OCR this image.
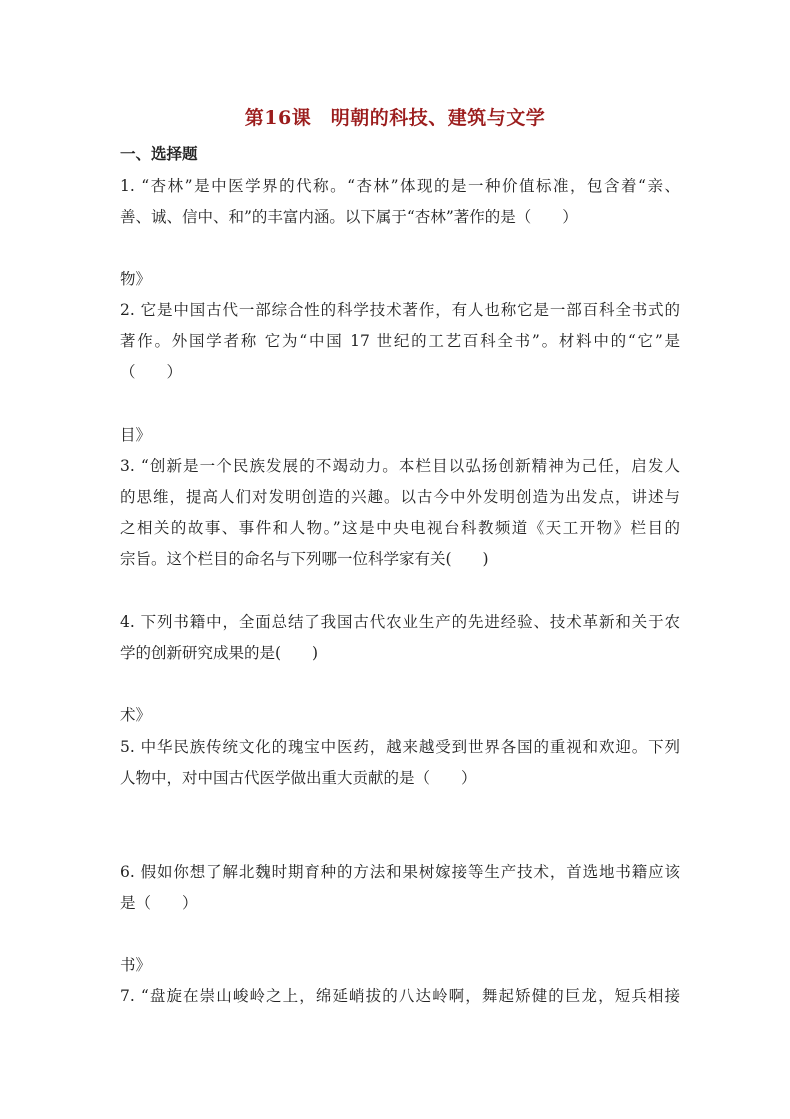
第16课　明朝的科技、建筑与文学
一、选择题
1. “杏林”是中医学界的代称。“杏林”体现的是一种价值标准，包含着“亲、
善、诚、信中、和”的丰富内涵。以下属于“杏林”著作的是（　　）
物》
2. 它是中国古代一部综合性的科学技术著作，有人也称它是一部百科全书式的
著作。外国学者称 它为“中国 17 世纪的工艺百科全书”。材料中的“它”是
（　　）
目》
3. “创新是一个民族发展的不竭动力。本栏目以弘扬创新精神为己任，启发人
的思维，提高人们对发明创造的兴趣。以古今中外发明创造为出发点，讲述与
之相关的故事、事件和人物。”这是中央电视台科教频道《天工开物》栏目的
宗旨。这个栏目的命名与下列哪一位科学家有关(　　)
4. 下列书籍中，全面总结了我国古代农业生产的先进经验、技术革新和关于农
学的创新研究成果的是(　　)
术》
5. 中华民族传统文化的瑰宝中医药，越来越受到世界各国的重视和欢迎。下列
人物中，对中国古代医学做出重大贡献的是（　　）
6. 假如你想了解北魏时期育种的方法和果树嫁接等生产技术，首选地书籍应该
是（　　）
书》
7. “盘旋在崇山峻岭之上，绵延峭拔的八达岭啊，舞起矫健的巨龙，短兵相接
